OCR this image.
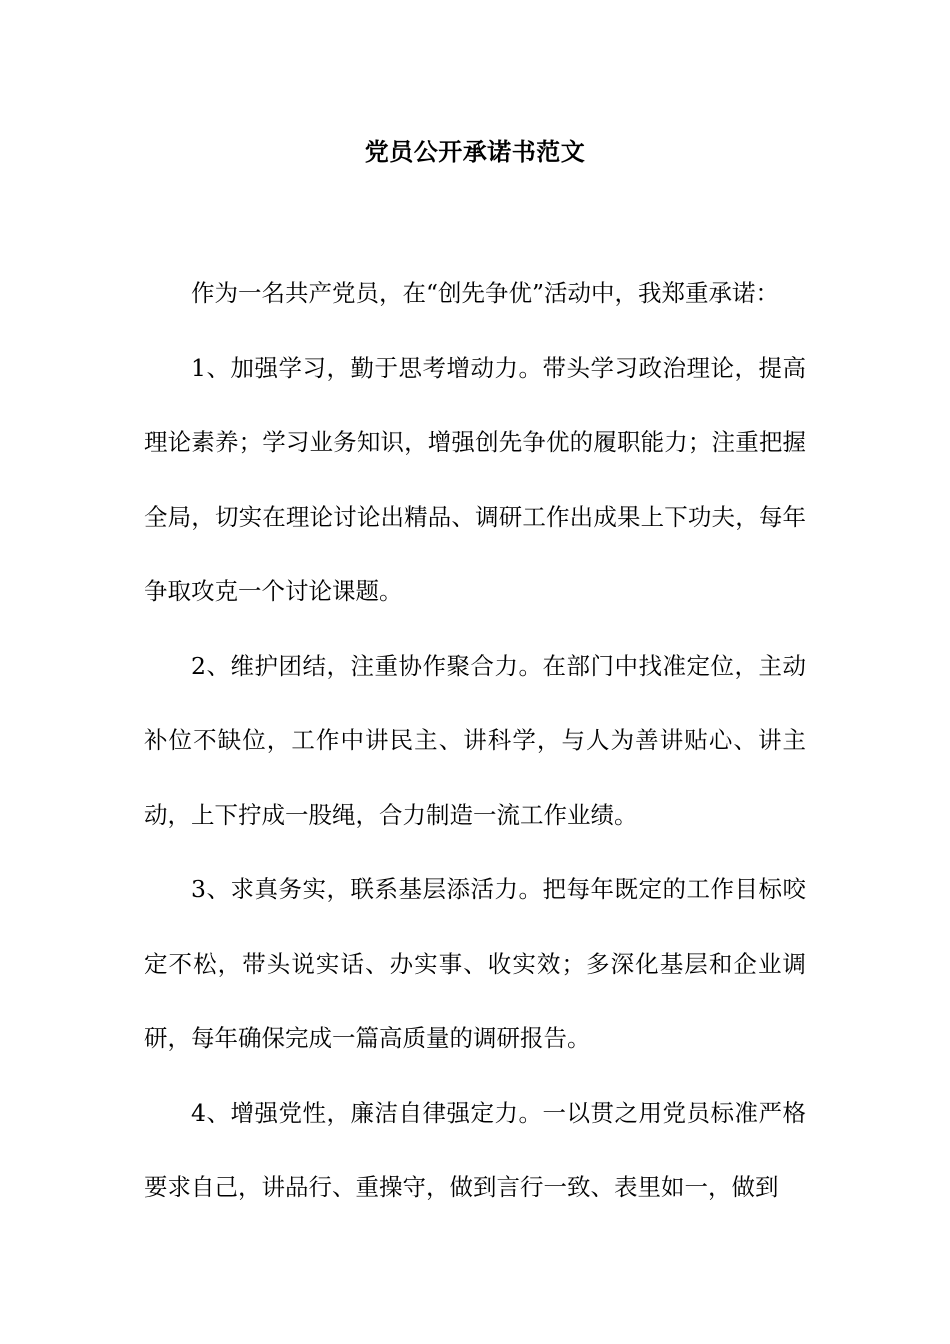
党员公开承诺书范文

作为一名共产党员，在“创先争优”活动中，我郑重承诺：

1、加强学习，勤于思考增动力。带头学习政治理论，提高理论素养；学习业务知识，增强创先争优的履职能力；注重把握全局，切实在理论讨论出精品、调研工作出成果上下功夫，每年争取攻克一个讨论课题。

2、维护团结，注重协作聚合力。在部门中找准定位，主动补位不缺位，工作中讲民主、讲科学，与人为善讲贴心、讲主动，上下拧成一股绳，合力制造一流工作业绩。

3、求真务实，联系基层添活力。把每年既定的工作目标咬定不松，带头说实话、办实事、收实效；多深化基层和企业调研，每年确保完成一篇高质量的调研报告。

4、增强党性，廉洁自律强定力。一以贯之用党员标准严格要求自己，讲品行、重操守，做到言行一致、表里如一，做到
